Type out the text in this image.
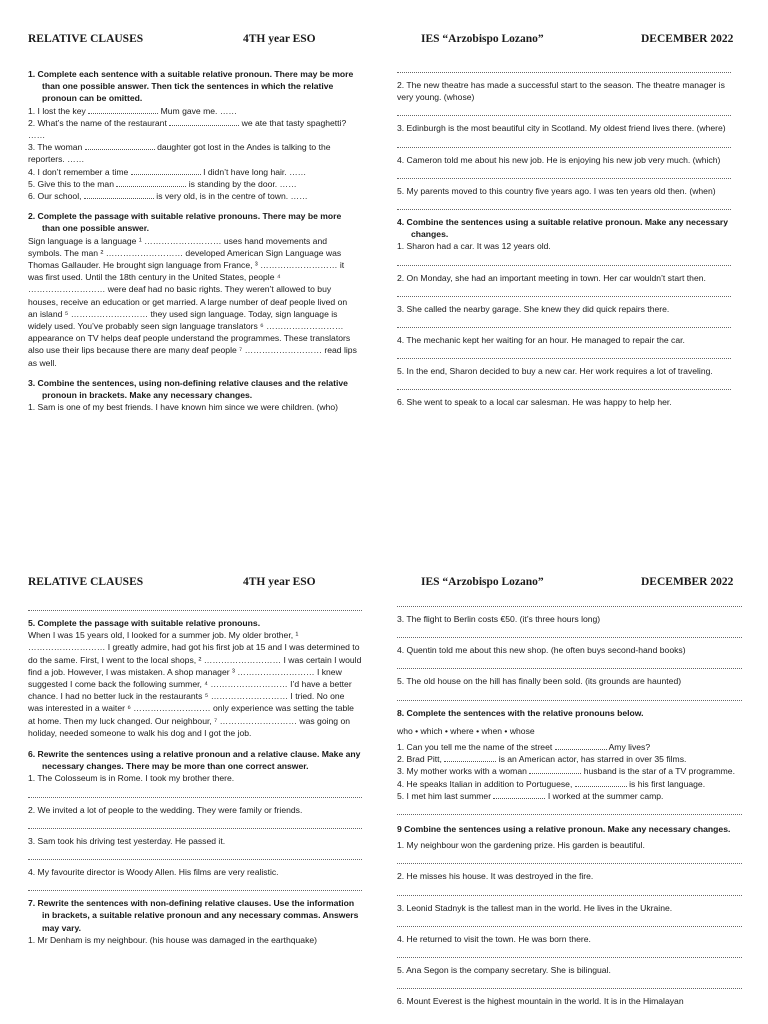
RELATIVE CLAUSES	4TH year ESO	IES “Arzobispo Lozano”	DECEMBER 2022

1. Complete each sentence with a suitable relative pronoun. There may be more than one possible answer. Then tick the sentences in which the relative pronoun can be omitted.

1. I lost the key	Mum gave me. ……

2. What’s the name of the restaurant	we ate that tasty spaghetti? ……

3. The woman	daughter got lost in the Andes is talking to the reporters. ……

4. I don’t remember a time	I didn’t have long hair. ……

5. Give this to the man	is standing by the door. ……

6. Our school,	is very old, is in the centre of town. ……

2. Complete the passage with suitable relative pronouns. There may be more than one possible answer.

Sign language is a language ¹ ……………………… uses hand movements and symbols. The man ² ……………………… developed American Sign Language was Thomas Gallauder. He brought sign language from France, ³ ……………………… it was first used. Until the 18th century in the United States, people ⁴ ……………………… were deaf had no basic rights. They weren’t allowed to buy houses, receive an education or get married. A large number of deaf people lived on an island ⁵ ……………………… they used sign language. Today, sign language is widely used. You’ve probably seen sign language translators ⁶ ……………………… appearance on TV helps deaf people understand the programmes. These translators also use their lips because there are many deaf people ⁷ ……………………… read lips as well.

3. Combine the sentences, using non-defining relative clauses and the relative pronoun in brackets. Make any necessary changes.

1. Sam is one of my best friends. I have known him since we were children. (who)

2. The new theatre has made a successful start to the season. The theatre manager is very young. (whose)

3. Edinburgh is the most beautiful city in Scotland. My oldest friend lives there. (where)

4. Cameron told me about his new job. He is enjoying his new job very much. (which)

5. My parents moved to this country five years ago. I was ten years old then. (when)

4. Combine the sentences using a suitable relative pronoun. Make any necessary changes.

1. Sharon had a car. It was 12 years old.

2. On Monday, she had an important meeting in town. Her car wouldn’t start then.

3. She called the nearby garage. She knew they did quick repairs there.

4. The mechanic kept her waiting for an hour. He managed to repair the car.

5. In the end, Sharon decided to buy a new car. Her work requires a lot of traveling.

6. She went to speak to a local car salesman. He was happy to help her.

RELATIVE CLAUSES	4TH year ESO	IES “Arzobispo Lozano”	DECEMBER 2022

5. Complete the passage with suitable relative pronouns.

When I was 15 years old, I looked for a summer job. My older brother, ¹ ……………………… I greatly admire, had got his first job at 15 and I was determined to do the same. First, I went to the local shops, ² ……………………… I was certain I would find a job. However, I was mistaken. A shop manager ³ ……………………… I knew suggested I come back the following summer, ⁴ ……………………… I’d have a better chance. I had no better luck in the restaurants ⁵ ……………………… I tried. No one was interested in a waiter ⁶ ……………………… only experience was setting the table at home. Then my luck changed. Our neighbour, ⁷ ……………………… was going on holiday, needed someone to walk his dog and I got the job.

6. Rewrite the sentences using a relative pronoun and a relative clause. Make any necessary changes. There may be more than one correct answer.

1. The Colosseum is in Rome. I took my brother there.

2. We invited a lot of people to the wedding. They were family or friends.

3. Sam took his driving test yesterday. He passed it.

4. My favourite director is Woody Allen. His films are very realistic.

7. Rewrite the sentences with non-defining relative clauses. Use the information in brackets, a suitable relative pronoun and any necessary commas. Answers may vary.

1. Mr Denham is my neighbour. (his house was damaged in the earthquake)

3. The flight to Berlin costs €50. (it’s three hours long)

4. Quentin told me about this new shop. (he often buys second-hand books)

5. The old house on the hill has finally been sold. (its grounds are haunted)

8. Complete the sentences with the relative pronouns below.

who • which • where • when • whose

1. Can you tell me the name of the street	Amy lives?

2. Brad Pitt,	is an American actor, has starred in over 35 films.

3. My mother works with a woman	husband is the star of a TV programme.

4. He speaks Italian in addition to Portuguese,	is his first language.

5. I met him last summer	I worked at the summer camp.

9 Combine the sentences using a relative pronoun. Make any necessary changes.

1. My neighbour won the gardening prize. His garden is beautiful.

2. He misses his house. It was destroyed in the fire.

3. Leonid Stadnyk is the tallest man in the world. He lives in the Ukraine.

4. He returned to visit the town. He was born there.

5. Ana Segon is the company secretary. She is bilingual.

6. Mount Everest is the highest mountain in the world. It is in the Himalayan
